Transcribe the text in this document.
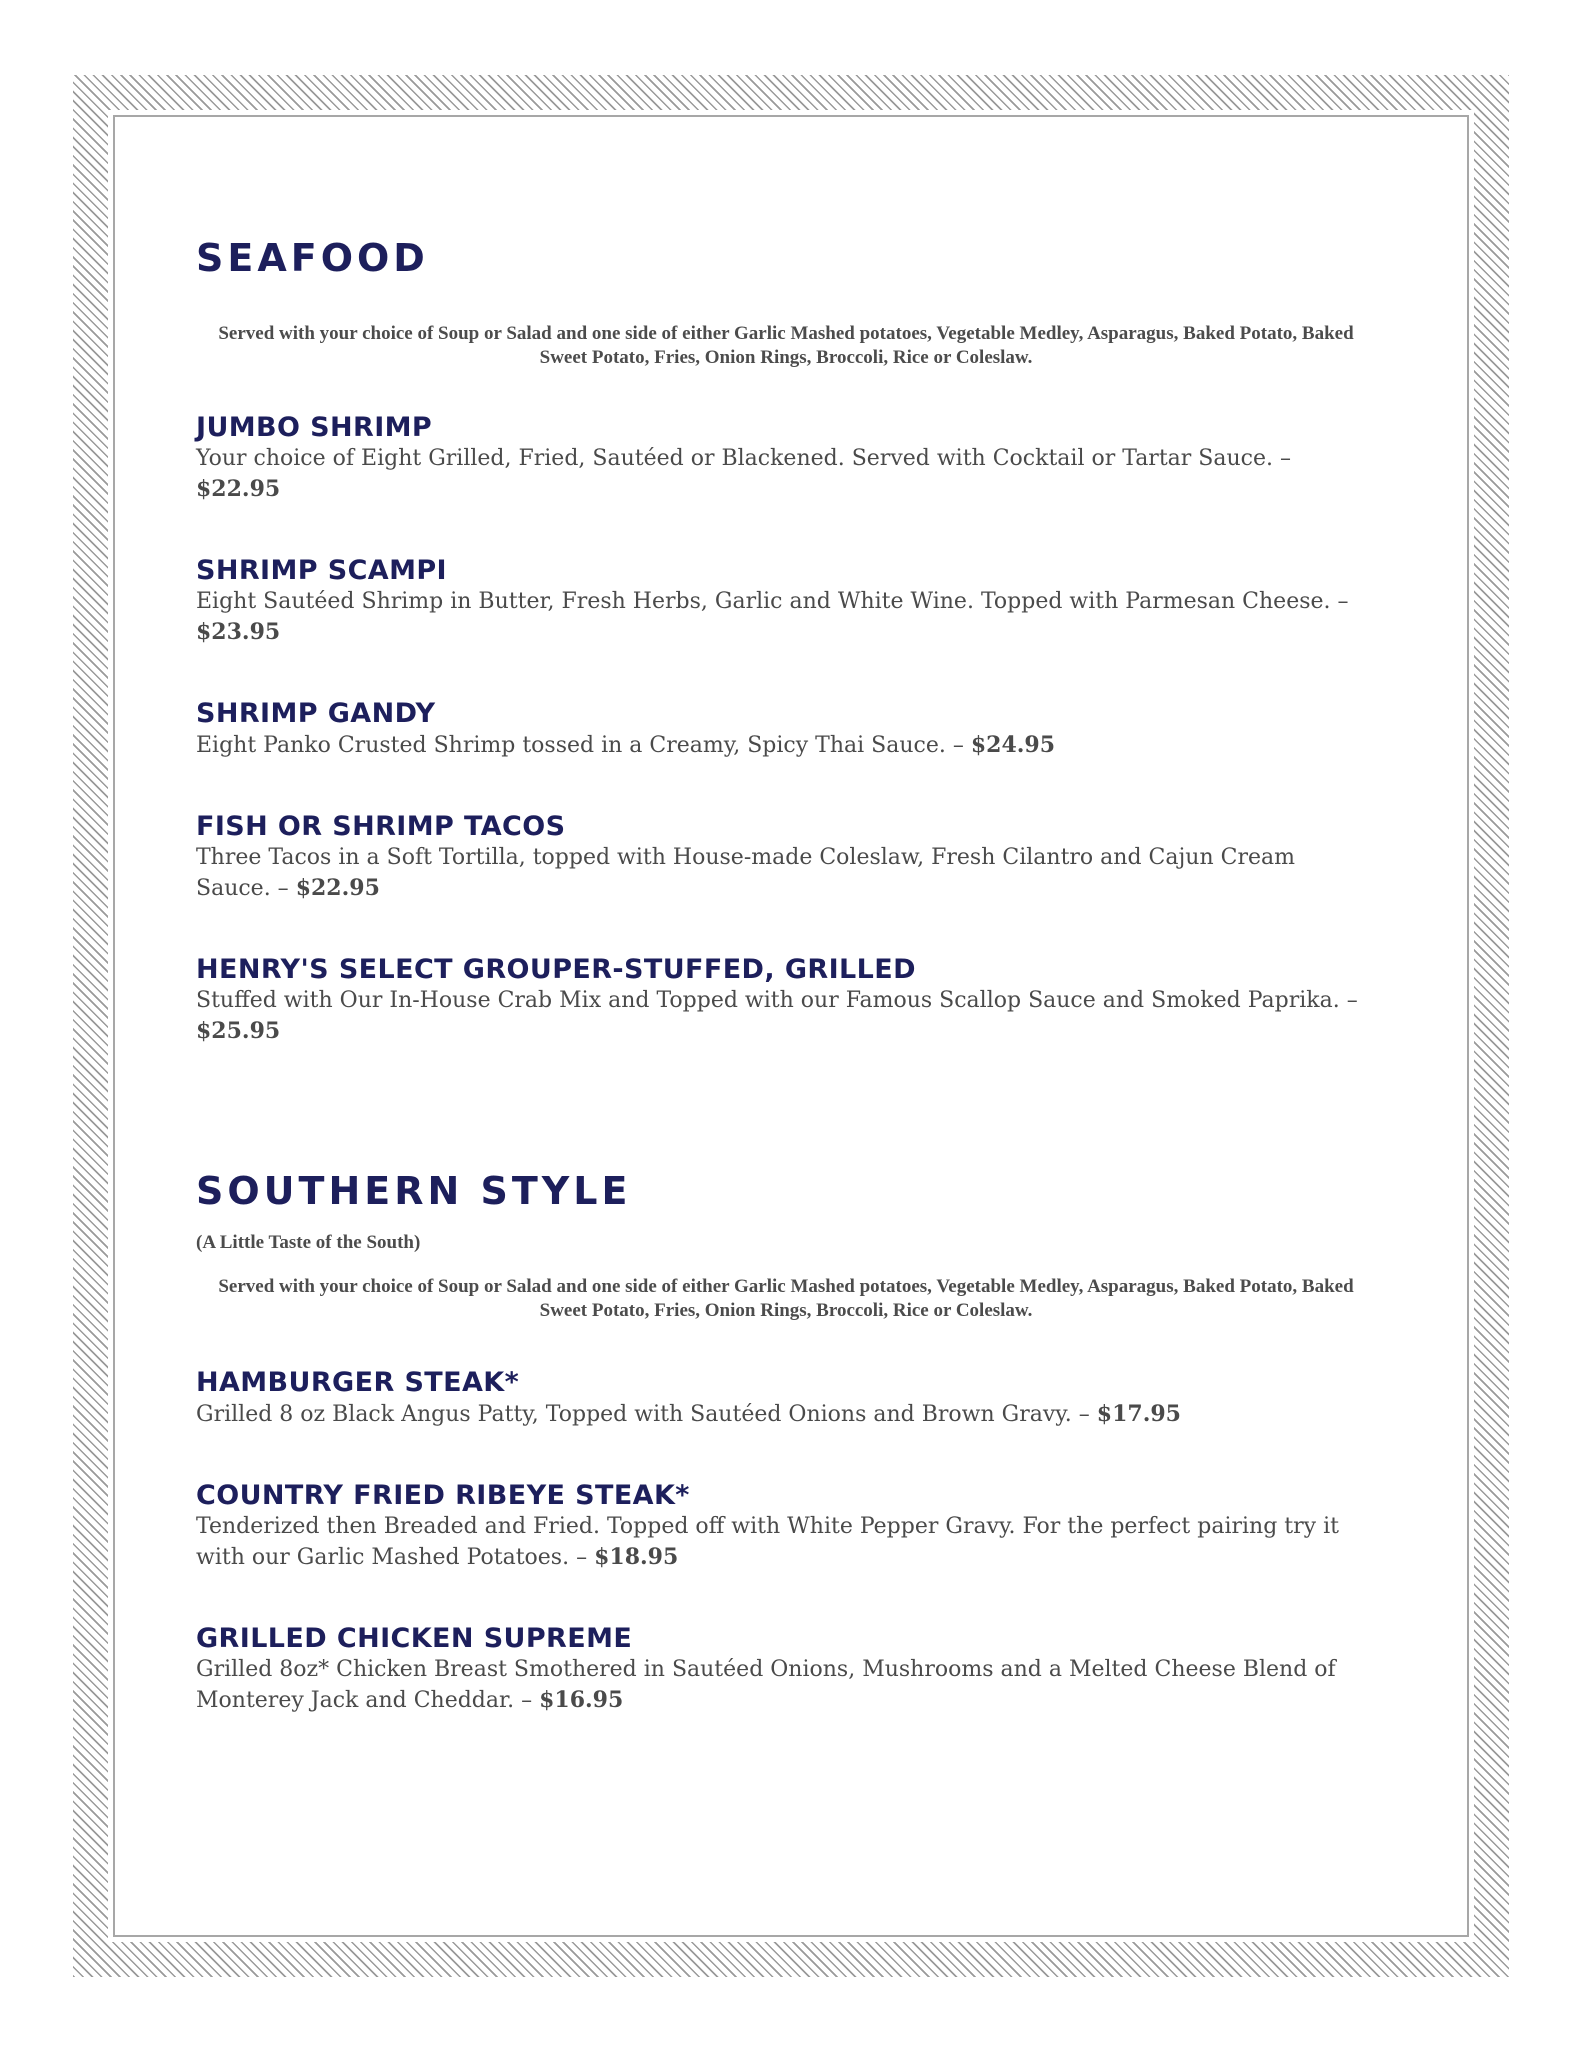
SEAFOOD

Served with your choice of Soup or Salad and one side of either Garlic Mashed potatoes, Vegetable Medley, Asparagus, Baked Potato, Baked Sweet Potato, Fries, Onion Rings, Broccoli, Rice or Coleslaw.

JUMBO SHRIMP

Your choice of Eight Grilled, Fried, Sautéed or Blackened. Served with Cocktail or Tartar Sauce. – $22.95

SHRIMP SCAMPI

Eight Sautéed Shrimp in Butter, Fresh Herbs, Garlic and White Wine. Topped with Parmesan Cheese. – $23.95

SHRIMP GANDY

Eight Panko Crusted Shrimp tossed in a Creamy, Spicy Thai Sauce. – $24.95

FISH OR SHRIMP TACOS

Three Tacos in a Soft Tortilla, topped with House-made Coleslaw, Fresh Cilantro and Cajun Cream Sauce. – $22.95

HENRY'S SELECT GROUPER-STUFFED, GRILLED

Stuffed with Our In-House Crab Mix and Topped with our Famous Scallop Sauce and Smoked Paprika. – $25.95

SOUTHERN STYLE

(A Little Taste of the South)

Served with your choice of Soup or Salad and one side of either Garlic Mashed potatoes, Vegetable Medley, Asparagus, Baked Potato, Baked Sweet Potato, Fries, Onion Rings, Broccoli, Rice or Coleslaw.

HAMBURGER STEAK*

Grilled 8 oz Black Angus Patty, Topped with Sautéed Onions and Brown Gravy. – $17.95

COUNTRY FRIED RIBEYE STEAK*

Tenderized then Breaded and Fried. Topped off with White Pepper Gravy. For the perfect pairing try it with our Garlic Mashed Potatoes. – $18.95

GRILLED CHICKEN SUPREME

Grilled 8oz* Chicken Breast Smothered in Sautéed Onions, Mushrooms and a Melted Cheese Blend of Monterey Jack and Cheddar. – $16.95
